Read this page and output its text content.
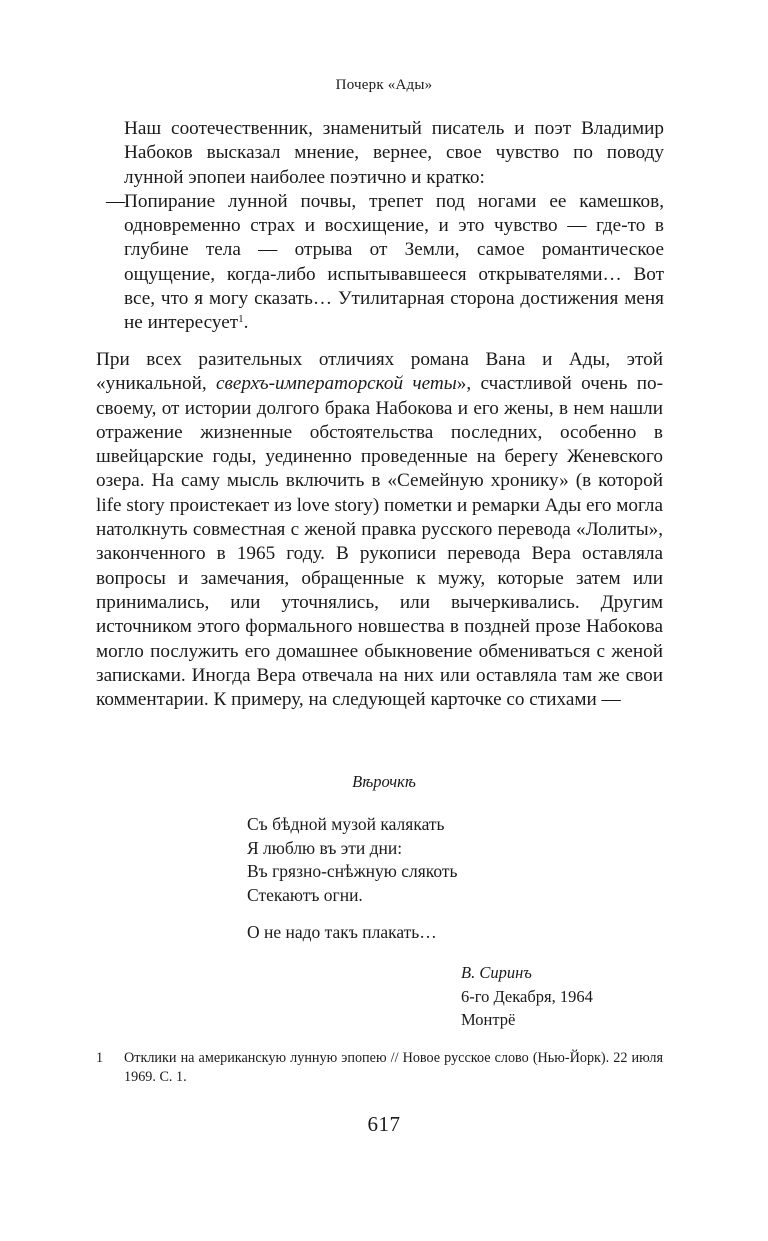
Почерк «Ады»

Наш соотечественник, знаменитый писатель и поэт Владимир Набоков высказал мнение, вернее, свое чувство по поводу лунной эпопеи наиболее поэтично и кратко:

—
Попирание лунной почвы, трепет под ногами ее камешков, одновременно страх и восхищение, и это чувство — где-то в глубине тела — отрыва от Земли, самое романтическое ощущение, когда-либо испытывавшееся открывателями… Вот все, что я могу сказать… Утилитарная сторона достижения меня не интересует$^1$.

При всех разительных отличиях романа Вана и Ады, этой «уникальной, сверхъ-императорской четы», счастливой очень по-своему, от истории долгого брака Набокова и его жены, в нем нашли отражение жизненные обстоятельства последних, особенно в швейцарские годы, уединенно проведенные на берегу Женевского озера. На саму мысль включить в «Семейную хронику» (в которой life story проистекает из love story) пометки и ремарки Ады его могла натолкнуть совместная с женой правка русского перевода «Лолиты», законченного в 1965 году. В рукописи перевода Вера оставляла вопросы и замечания, обращенные к мужу, которые затем или принимались, или уточнялись, или вычеркивались. Другим источником этого формального новшества в поздней прозе Набокова могло послужить его домашнее обыкновение обмениваться с женой записками. Иногда Вера отвечала на них или оставляла там же свои комментарии. К примеру, на следующей карточке со стихами —

Вѣрочкѣ
Съ бѣдной музой калякать
Я люблю въ эти дни:
Въ грязно-снѣжную слякоть
Стекаютъ огни.
О не надо такъ плакать…
В. Сиринъ
6-го Декабря, 1964
Монтрё
1 Отклики на американскую лунную эпопею // Новое русское слово (Нью-Йорк). 22 июля 1969. С. 1.
617
